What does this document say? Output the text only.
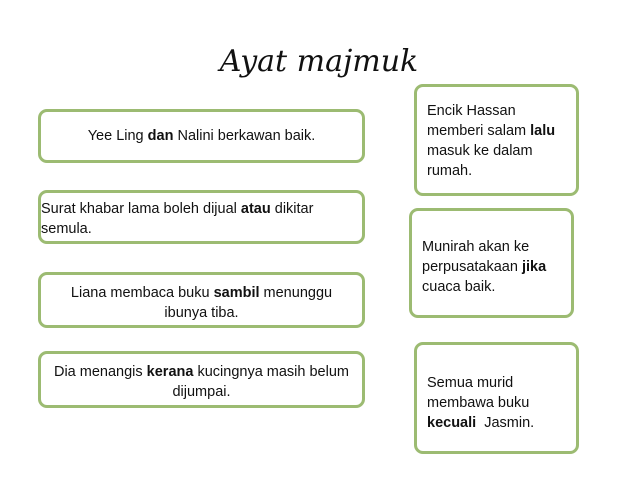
Ayat majmuk

Yee Ling dan Nalini berkawan baik.

Surat khabar lama boleh dijual atau dikitar semula.

Liana membaca buku sambil menunggu ibunya tiba.

Dia menangis kerana kucingnya masih belum dijumpai.

Encik Hassan memberi salam lalu masuk ke dalam rumah.

Munirah akan ke perpusatakaan jika cuaca baik.

Semua murid membawa buku kecuali  Jasmin.
